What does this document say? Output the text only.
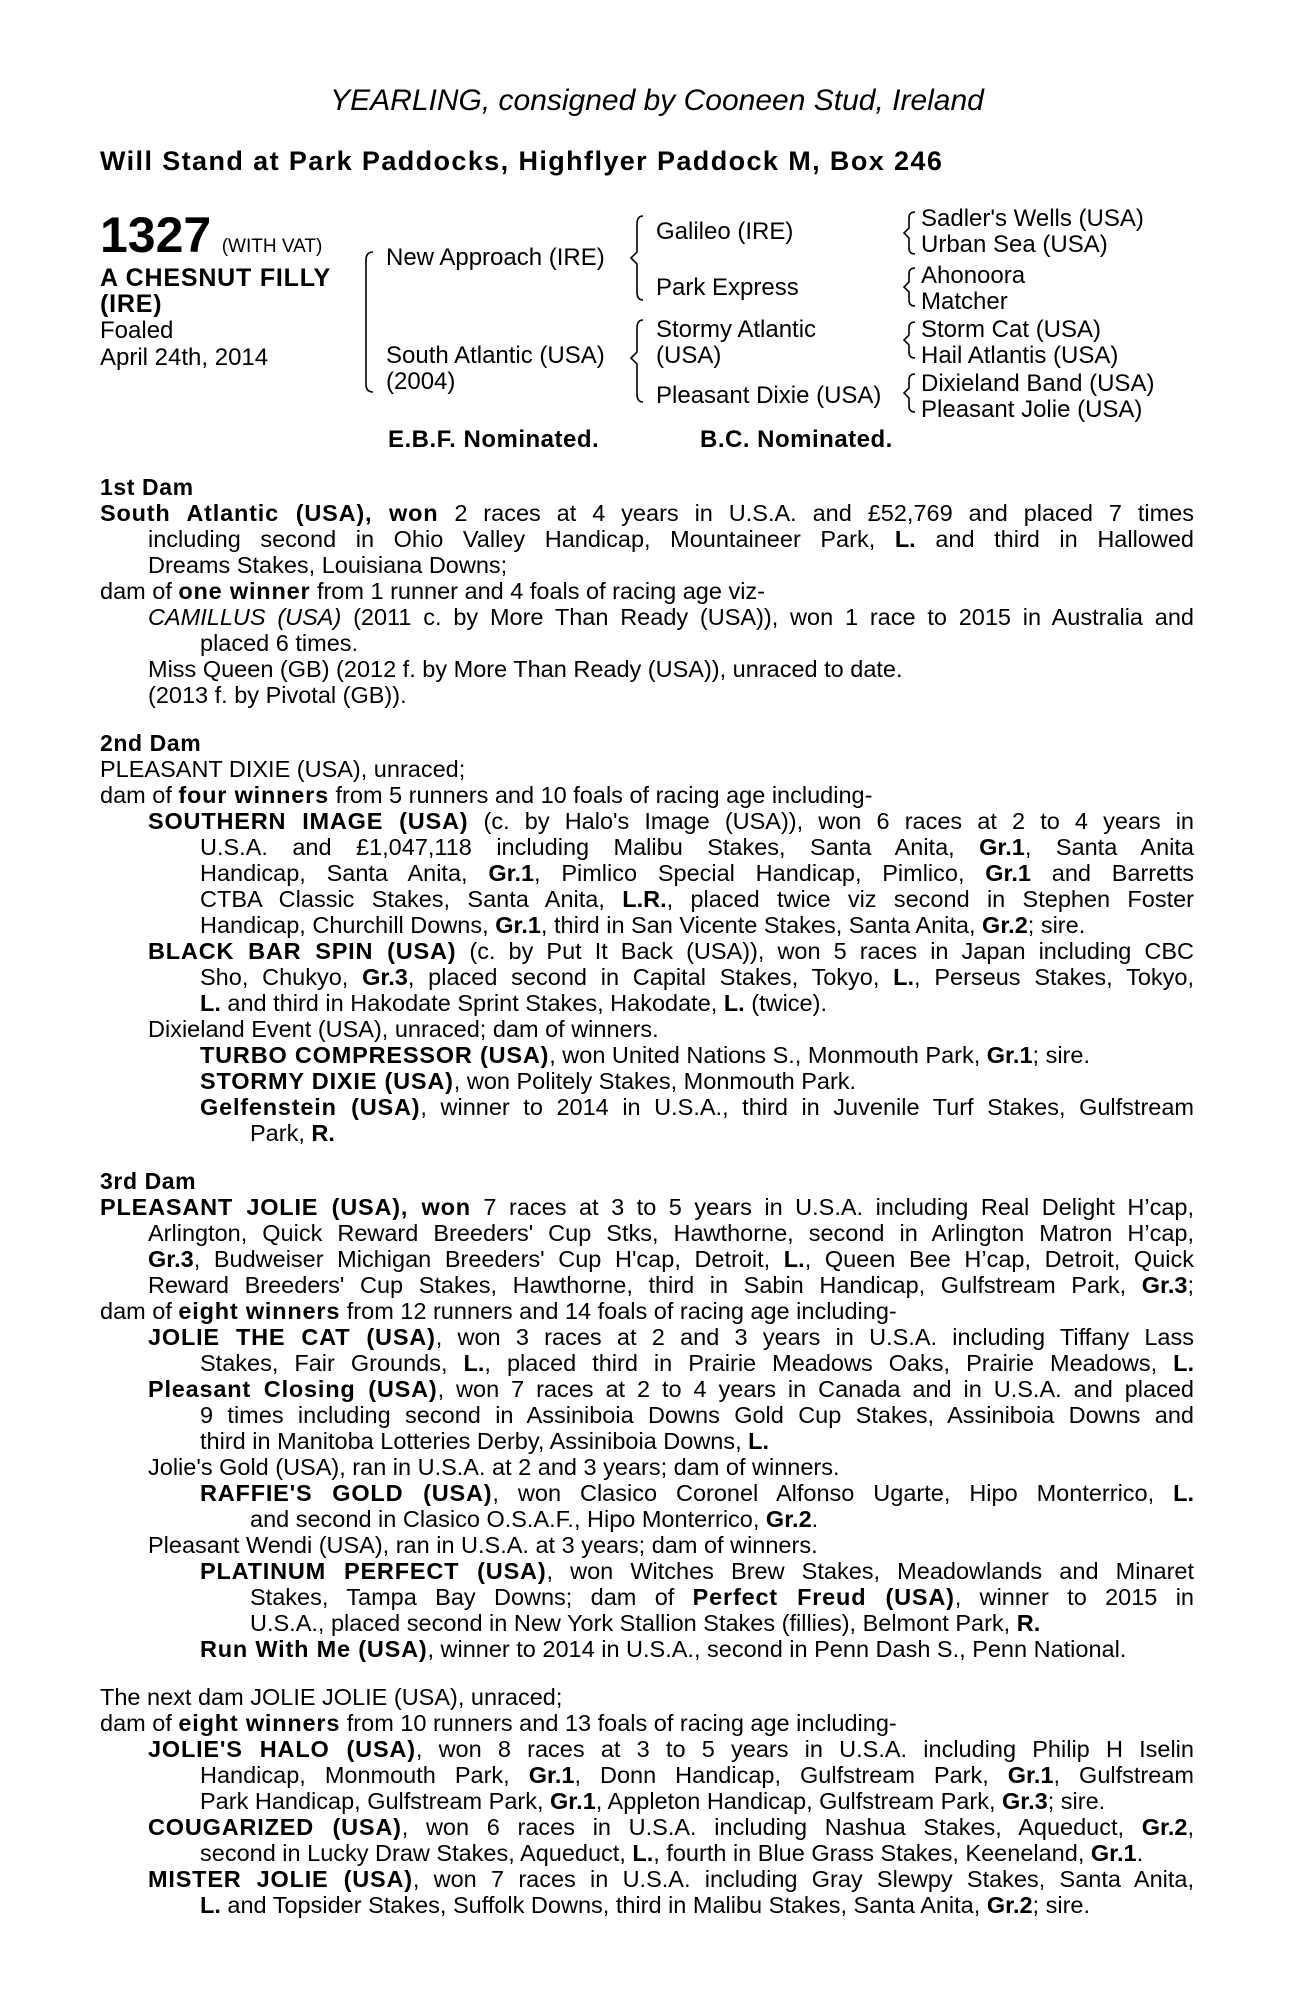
YEARLING, consigned by Cooneen Stud, Ireland
Will Stand at Park Paddocks, Highflyer Paddock M, Box 246
1327 (WITH VAT)
A CHESNUT FILLY
(IRE)
Foaled
April 24th, 2014
New Approach (IRE)
South Atlantic (USA)
(2004)
Galileo (IRE)
Park Express
Stormy Atlantic
(USA)
Pleasant Dixie (USA)
Sadler's Wells (USA)
Urban Sea (USA)
Ahonoora
Matcher
Storm Cat (USA)
Hail Atlantis (USA)
Dixieland Band (USA)
Pleasant Jolie (USA)
E.B.F. Nominated.	B.C. Nominated.
1st Dam
South Atlantic (USA), won 2 races at 4 years in U.S.A. and £52,769 and placed 7 times
including second in Ohio Valley Handicap, Mountaineer Park, L. and third in Hallowed
Dreams Stakes, Louisiana Downs;
dam of one winner from 1 runner and 4 foals of racing age viz-
CAMILLUS (USA) (2011 c. by More Than Ready (USA)), won 1 race to 2015 in Australia and
placed 6 times.
Miss Queen (GB) (2012 f. by More Than Ready (USA)), unraced to date.
(2013 f. by Pivotal (GB)).
2nd Dam
PLEASANT DIXIE (USA), unraced;
dam of four winners from 5 runners and 10 foals of racing age including-
SOUTHERN IMAGE (USA) (c. by Halo's Image (USA)), won 6 races at 2 to 4 years in
U.S.A. and £1,047,118 including Malibu Stakes, Santa Anita, Gr.1, Santa Anita
Handicap, Santa Anita, Gr.1, Pimlico Special Handicap, Pimlico, Gr.1 and Barretts
CTBA Classic Stakes, Santa Anita, L.R., placed twice viz second in Stephen Foster
Handicap, Churchill Downs, Gr.1, third in San Vicente Stakes, Santa Anita, Gr.2; sire.
BLACK BAR SPIN (USA) (c. by Put It Back (USA)), won 5 races in Japan including CBC
Sho, Chukyo, Gr.3, placed second in Capital Stakes, Tokyo, L., Perseus Stakes, Tokyo,
L. and third in Hakodate Sprint Stakes, Hakodate, L. (twice).
Dixieland Event (USA), unraced; dam of winners.
TURBO COMPRESSOR (USA), won United Nations S., Monmouth Park, Gr.1; sire.
STORMY DIXIE (USA), won Politely Stakes, Monmouth Park.
Gelfenstein (USA), winner to 2014 in U.S.A., third in Juvenile Turf Stakes, Gulfstream
Park, R.
3rd Dam
PLEASANT JOLIE (USA), won 7 races at 3 to 5 years in U.S.A. including Real Delight H’cap,
Arlington, Quick Reward Breeders' Cup Stks, Hawthorne, second in Arlington Matron H’cap,
Gr.3, Budweiser Michigan Breeders' Cup H'cap, Detroit, L., Queen Bee H’cap, Detroit, Quick
Reward Breeders' Cup Stakes, Hawthorne, third in Sabin Handicap, Gulfstream Park, Gr.3;
dam of eight winners from 12 runners and 14 foals of racing age including-
JOLIE THE CAT (USA), won 3 races at 2 and 3 years in U.S.A. including Tiffany Lass
Stakes, Fair Grounds, L., placed third in Prairie Meadows Oaks, Prairie Meadows, L.
Pleasant Closing (USA), won 7 races at 2 to 4 years in Canada and in U.S.A. and placed
9 times including second in Assiniboia Downs Gold Cup Stakes, Assiniboia Downs and
third in Manitoba Lotteries Derby, Assiniboia Downs, L.
Jolie's Gold (USA), ran in U.S.A. at 2 and 3 years; dam of winners.
RAFFIE'S GOLD (USA), won Clasico Coronel Alfonso Ugarte, Hipo Monterrico, L.
and second in Clasico O.S.A.F., Hipo Monterrico, Gr.2.
Pleasant Wendi (USA), ran in U.S.A. at 3 years; dam of winners.
PLATINUM PERFECT (USA), won Witches Brew Stakes, Meadowlands and Minaret
Stakes, Tampa Bay Downs; dam of Perfect Freud (USA), winner to 2015 in
U.S.A., placed second in New York Stallion Stakes (fillies), Belmont Park, R.
Run With Me (USA), winner to 2014 in U.S.A., second in Penn Dash S., Penn National.
The next dam JOLIE JOLIE (USA), unraced;
dam of eight winners from 10 runners and 13 foals of racing age including-
JOLIE'S HALO (USA), won 8 races at 3 to 5 years in U.S.A. including Philip H Iselin
Handicap, Monmouth Park, Gr.1, Donn Handicap, Gulfstream Park, Gr.1, Gulfstream
Park Handicap, Gulfstream Park, Gr.1, Appleton Handicap, Gulfstream Park, Gr.3; sire.
COUGARIZED (USA), won 6 races in U.S.A. including Nashua Stakes, Aqueduct, Gr.2,
second in Lucky Draw Stakes, Aqueduct, L., fourth in Blue Grass Stakes, Keeneland, Gr.1.
MISTER JOLIE (USA), won 7 races in U.S.A. including Gray Slewpy Stakes, Santa Anita,
L. and Topsider Stakes, Suffolk Downs, third in Malibu Stakes, Santa Anita, Gr.2; sire.
